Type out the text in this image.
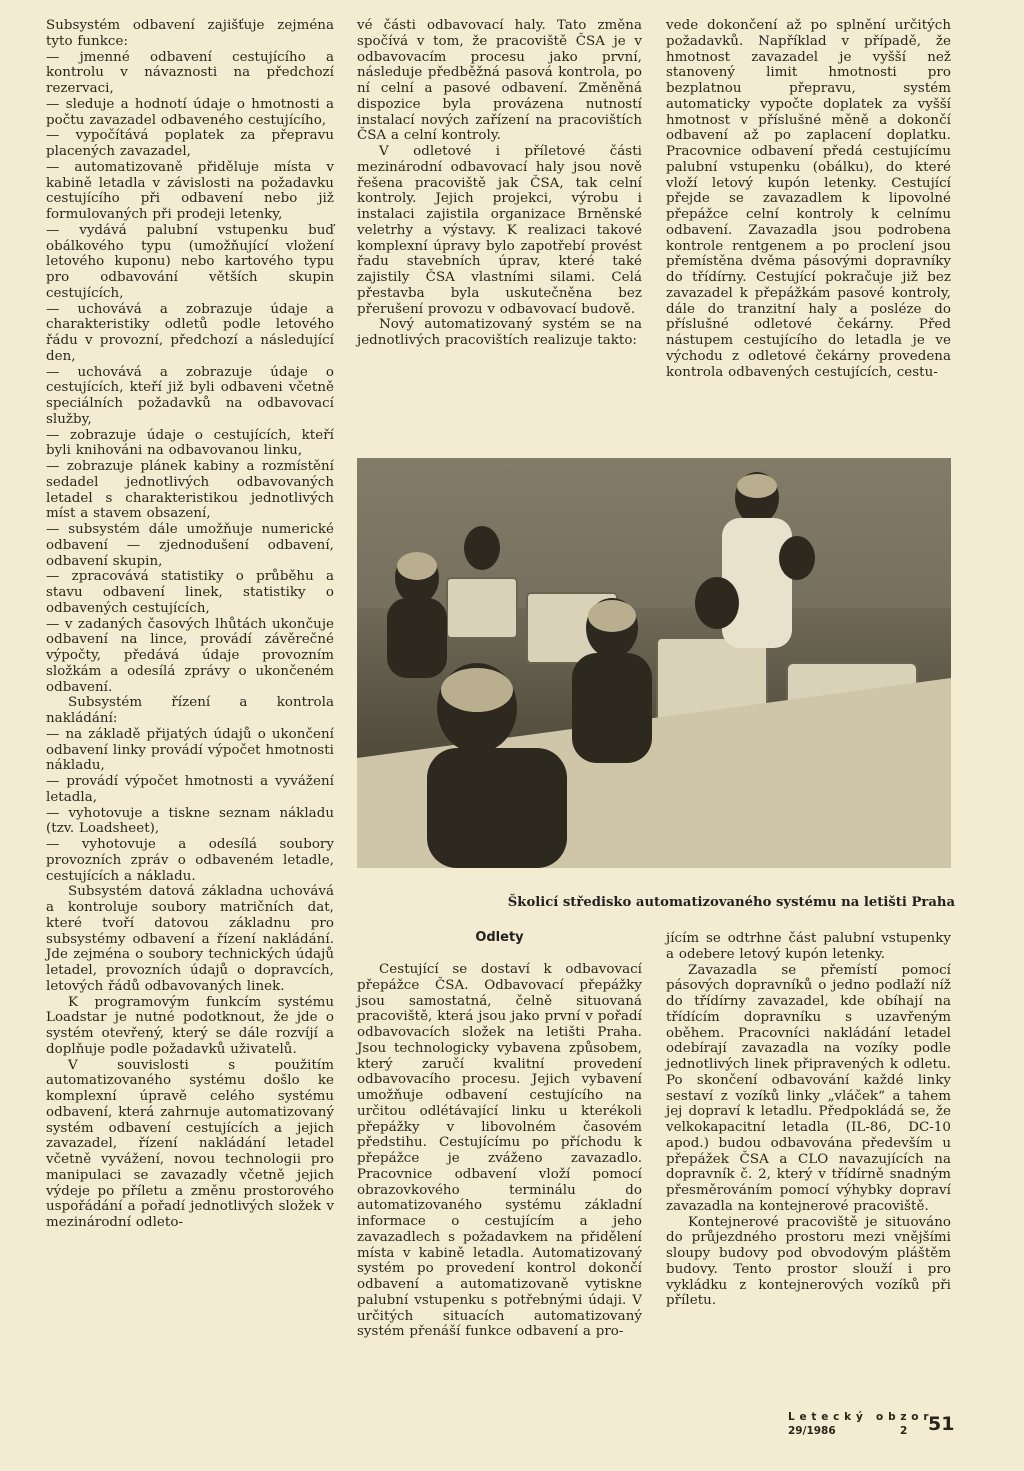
Subsystém odbavení zajišťuje zejména tyto funkce:

— jmenné odbavení cestujícího a kontrolu v návaznosti na předchozí rezervaci,

— sleduje a hodnotí údaje o hmotnosti a počtu zavazadel odbaveného cestujícího,

— vypočítává poplatek za přepravu placených zavazadel,

— automatizovaně přiděluje místa v kabině letadla v závislosti na požadavku cestujícího při odbavení nebo již formulovaných při prodeji letenky,

— vydává palubní vstupenku buď obálkového typu (umožňující vložení letového kuponu) nebo kartového typu pro odbavování větších skupin cestujících,

— uchovává a zobrazuje údaje a charakteristiky odletů podle letového řádu v provozní, předchozí a následující den,

— uchovává a zobrazuje údaje o cestujících, kteří již byli odbaveni včetně speciálních požadavků na odbavovací služby,

— zobrazuje údaje o cestujících, kteří byli knihováni na odbavovanou linku,

— zobrazuje plánek kabiny a rozmístění sedadel jednotlivých odbavovaných letadel s charakteristikou jednotlivých míst a stavem obsazení,

— subsystém dále umožňuje numerické odbavení — zjednodušení odbavení, odbavení skupin,

— zpracovává statistiky o průběhu a stavu odbavení linek, statistiky o odbavených cestujících,

— v zadaných časových lhůtách ukončuje odbavení na lince, provádí závěrečné výpočty, předává údaje provozním složkám a odesílá zprávy o ukončeném odbavení.

Subsystém řízení a kontrola nakládání:

— na základě přijatých údajů o ukončení odbavení linky provádí výpočet hmotnosti nákladu,

— provádí výpočet hmotnosti a vyvážení letadla,

— vyhotovuje a tiskne seznam nákladu (tzv. Loadsheet),

— vyhotovuje a odesílá soubory provozních zpráv o odbaveném letadle, cestujících a nákladu.

Subsystém datová základna uchovává a kontroluje soubory matričních dat, které tvoří datovou základnu pro subsystémy odbavení a řízení nakládání. Jde zejména o soubory technických údajů letadel, provozních údajů o dopravcích, letových řádů odbavovaných linek.

K programovým funkcím systému Loadstar je nutné podotknout, že jde o systém otevřený, který se dále rozvíjí a doplňuje podle požadavků uživatelů.

V souvislosti s použitím automatizovaného systému došlo ke komplexní úpravě celého systému odbavení, která zahrnuje automatizovaný systém odbavení cestujících a jejich zavazadel, řízení nakládání letadel včetně vyvážení, novou technologii pro manipulaci se zavazadly včetně jejich výdeje po příletu a změnu prostorového uspořádání a pořadí jednotlivých složek v mezinárodní odleto-

vé části odbavovací haly. Tato změna spočívá v tom, že pracoviště ČSA je v odbavovacím procesu jako první, následuje předběžná pasová kontrola, po ní celní a pasové odbavení. Změněná dispozice byla provázena nutností instalací nových zařízení na pracovištích ČSA a celní kontroly.

V odletové i příletové části mezinárodní odbavovací haly jsou nově řešena pracoviště jak ČSA, tak celní kontroly. Jejich projekci, výrobu i instalaci zajistila organizace Brněnské veletrhy a výstavy. K realizaci takové komplexní úpravy bylo zapotřebí provést řadu stavebních úprav, které také zajistily ČSA vlastními silami. Celá přestavba byla uskutečněna bez přerušení provozu v odbavovací budově.

Nový automatizovaný systém se na jednotlivých pracovištích realizuje takto:

vede dokončení až po splnění určitých požadavků. Například v případě, že hmotnost zavazadel je vyšší než stanovený limit hmotnosti pro bezplatnou přepravu, systém automaticky vypočte doplatek za vyšší hmotnost v příslušné měně a dokončí odbavení až po zaplacení doplatku. Pracovnice odbavení předá cestujícímu palubní vstupenku (obálku), do které vloží letový kupón letenky. Cestující přejde se zavazadlem k lipovolné přepážce celní kontroly k celnímu odbavení. Zavazadla jsou podrobena kontrole rentgenem a po proclení jsou přemístěna dvěma pásovými dopravníky do třídírny. Cestující pokračuje již bez zavazadel k přepážkám pasové kontroly, dále do tranzitní haly a posléze do příslušné odletové čekárny. Před nástupem cestujícího do letadla je ve východu z odletové čekárny provedena kontrola odbavených cestujících, cestu-

Školicí středisko automatizovaného systému na letišti Praha
Odlety

Cestující se dostaví k odbavovací přepážce ČSA. Odbavovací přepážky jsou samostatná, čelně situovaná pracoviště, která jsou jako první v pořadí odbavovacích složek na letišti Praha. Jsou technologicky vybavena způsobem, který zaručí kvalitní provedení odbavovacího procesu. Jejich vybavení umožňuje odbavení cestujícího na určitou odlétávající linku u kterékoli přepážky v libovolném časovém předstihu. Cestujícímu po příchodu k přepážce je zváženo zavazadlo. Pracovnice odbavení vloží pomocí obrazovkového terminálu do automatizovaného systému základní informace o cestujícím a jeho zavazadlech s požadavkem na přidělení místa v kabině letadla. Automatizovaný systém po provedení kontrol dokončí odbavení a automatizovaně vytiskne palubní vstupenku s potřebnými údaji. V určitých situacích automatizovaný systém přenáší funkce odbavení a pro-

jícím se odtrhne část palubní vstupenky a odebere letový kupón letenky.

Zavazadla se přemístí pomocí pásových dopravníků o jedno podlaží níž do třídírny zavazadel, kde obíhají na třídícím dopravníku s uzavřeným oběhem. Pracovníci nakládání letadel odebírají zavazadla na vozíky podle jednotlivých linek připravených k odletu. Po skončení odbavování každé linky sestaví z vozíků linky „vláček“ a tahem jej dopraví k letadlu. Předpokládá se, že velkokapacitní letadla (IL-86, DC-10 apod.) budou odbavována především u přepážek ČSA a CLO navazujících na dopravník č. 2, který v třídírně snadným přesměrováním pomocí výhybky dopraví zavazadla na kontejnerové pracoviště.

Kontejnerové pracoviště je situováno do průjezdného prostoru mezi vnějšími sloupy budovy pod obvodovým pláštěm budovy. Tento prostor slouží i pro vykládku z kontejnerových vozíků při příletu.

Letecký obzor
29/1986	2 51
